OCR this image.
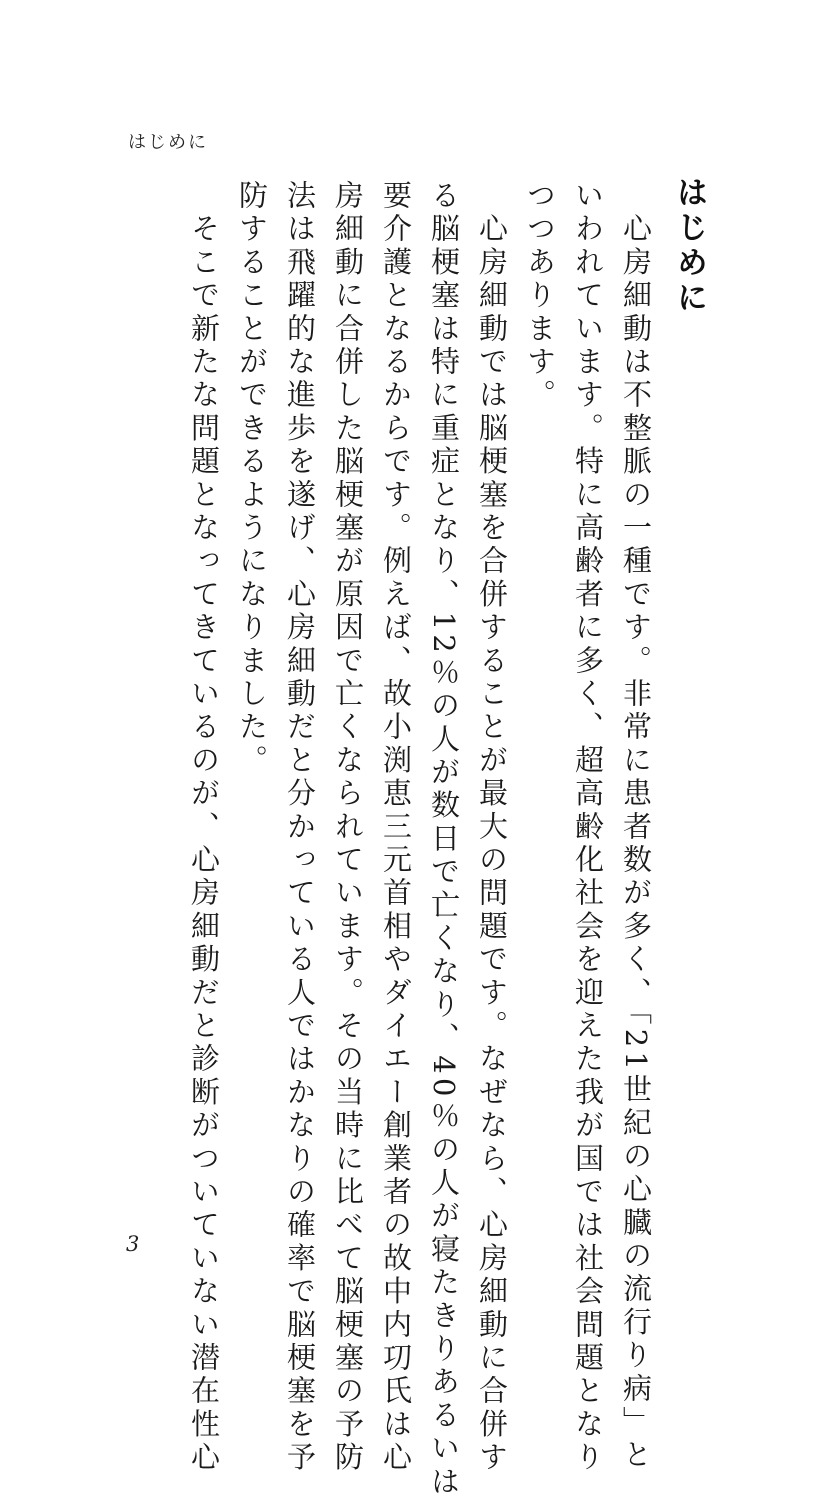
はじめに
はじめに
　心房細動は不整脈の一種です。非常に患者数が多く、「21世紀の心臓の流行り病」と
いわれています。特に高齢者に多く、超高齢化社会を迎えた我が国では社会問題となり
つつあります。
　心房細動では脳梗塞を合併することが最大の問題です。なぜなら、心房細動に合併す
る脳梗塞は特に重症となり、12％の人が数日で亡くなり、40％の人が寝たきりあるいは
要介護となるからです。例えば、故小渕恵三元首相やダイエー創業者の故中内㓛氏は心
房細動に合併した脳梗塞が原因で亡くなられています。その当時に比べて脳梗塞の予防
法は飛躍的な進歩を遂げ、心房細動だと分かっている人ではかなりの確率で脳梗塞を予
防することができるようになりました。
　そこで新たな問題となってきているのが、心房細動だと診断がついていない潜在性心
3
